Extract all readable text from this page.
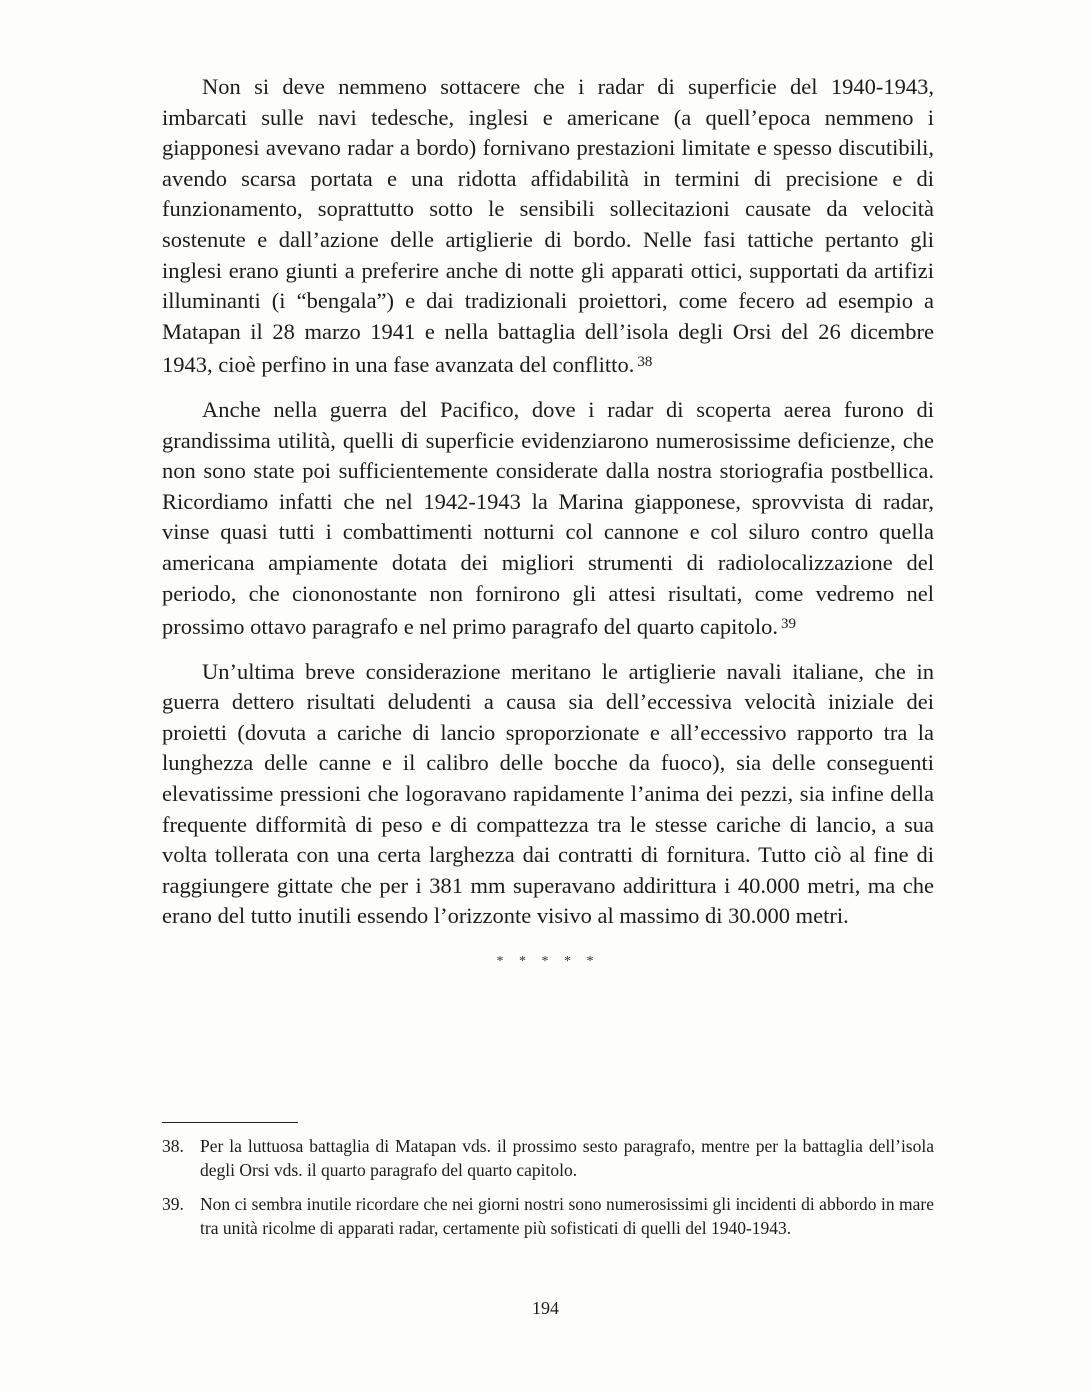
Non si deve nemmeno sottacere che i radar di superficie del 1940-1943, imbarcati sulle navi tedesche, inglesi e americane (a quell’epoca nemmeno i giapponesi avevano radar a bordo) fornivano prestazioni limitate e spesso discutibili, avendo scarsa portata e una ridotta affidabilità in termini di precisione e di funzionamento, soprattutto sotto le sensibili sollecitazioni causate da velocità sostenute e dall’azione delle artiglierie di bordo. Nelle fasi tattiche pertanto gli inglesi erano giunti a preferire anche di notte gli apparati ottici, supportati da artifizi illuminanti (i “bengala”) e dai tradizionali proiettori, come fecero ad esempio a Matapan il 28 marzo 1941 e nella battaglia dell’isola degli Orsi del 26 dicembre 1943, cioè perfino in una fase avanzata del conflitto. $^{38}$

Anche nella guerra del Pacifico, dove i radar di scoperta aerea furono di grandissima utilità, quelli di superficie evidenziarono numerosissime deficienze, che non sono state poi sufficientemente considerate dalla nostra storiografia postbellica. Ricordiamo infatti che nel 1942-1943 la Marina giapponese, sprovvista di radar, vinse quasi tutti i combattimenti notturni col cannone e col siluro contro quella americana ampiamente dotata dei migliori strumenti di radiolocalizzazione del periodo, che ciononostante non fornirono gli attesi risultati, come vedremo nel prossimo ottavo paragrafo e nel primo paragrafo del quarto capitolo. $^{39}$

Un’ultima breve considerazione meritano le artiglierie navali italiane, che in guerra dettero risultati deludenti a causa sia dell’eccessiva velocità iniziale dei proietti (dovuta a cariche di lancio sproporzionate e all’eccessivo rapporto tra la lunghezza delle canne e il calibro delle bocche da fuoco), sia delle conseguenti elevatissime pressioni che logoravano rapidamente l’anima dei pezzi, sia infine della frequente difformità di peso e di compattezza tra le stesse cariche di lancio, a sua volta tollerata con una certa larghezza dai contratti di fornitura. Tutto ciò al fine di raggiungere gittate che per i 381 mm superavano addirittura i 40.000 metri, ma che erano del tutto inutili essendo l’orizzonte visivo al massimo di 30.000 metri.

* * * * *
38. Per la luttuosa battaglia di Matapan vds. il prossimo sesto paragrafo, mentre per la battaglia dell’isola degli Orsi vds. il quarto paragrafo del quarto capitolo.
39. Non ci sembra inutile ricordare che nei giorni nostri sono numerosissimi gli incidenti di abbordo in mare tra unità ricolme di apparati radar, certamente più sofisticati di quelli del 1940-1943.
194
